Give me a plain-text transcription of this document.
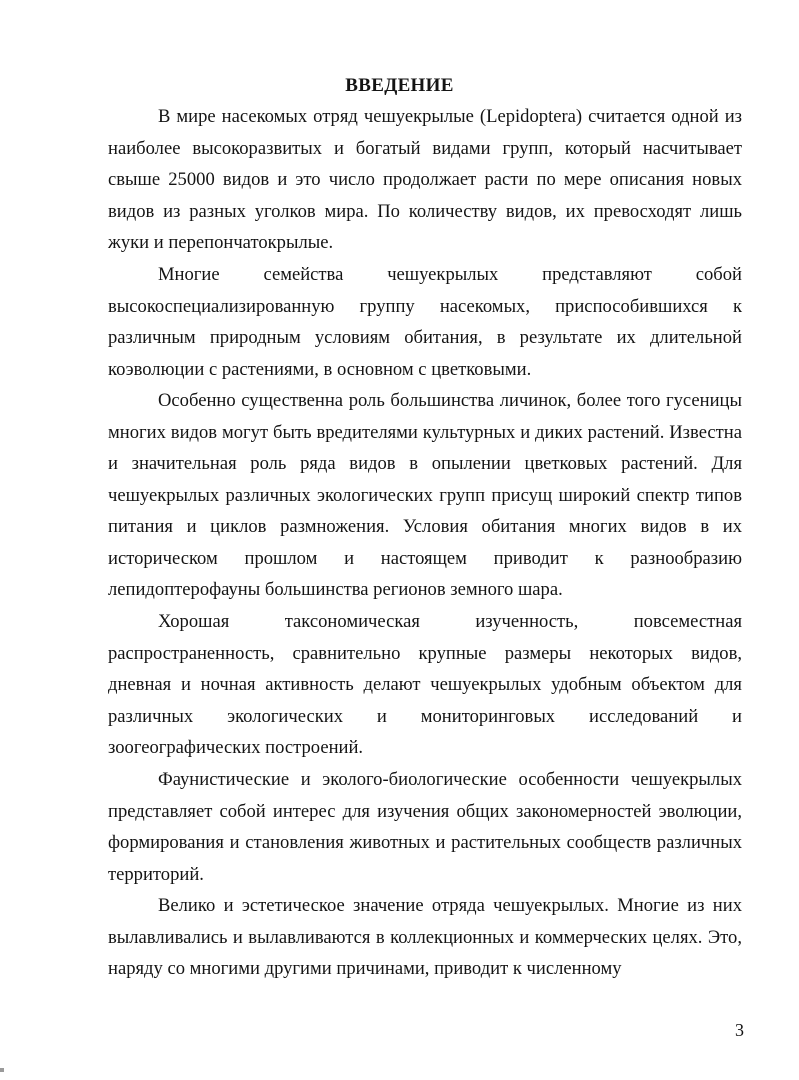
ВВЕДЕНИЕ

В мире насекомых отряд чешуекрылые (Lepidoptera) считается одной из наиболее высокоразвитых и богатый видами групп, который насчитывает свыше 25000 видов и это число продолжает расти по мере описания новых видов из разных уголков мира. По количеству видов, их превосходят лишь жуки и перепончатокрылые.

Многие семейства чешуекрылых представляют собой высокоспециализированную группу насекомых, приспособившихся к различным природным условиям обитания, в результате их длительной коэволюции с растениями, в основном с цветковыми.

Особенно существенна роль большинства личинок, более того гусеницы многих видов могут быть вредителями культурных и диких растений. Известна и значительная роль ряда видов в опылении цветковых растений. Для чешуекрылых различных экологических групп присущ широкий спектр типов питания и циклов размножения. Условия обитания многих видов в их историческом прошлом и настоящем приводит к разнообразию лепидоптерофауны большинства регионов земного шара.

Хорошая таксономическая изученность, повсеместная распространенность, сравнительно крупные размеры некоторых видов, дневная и ночная активность делают чешуекрылых удобным объектом для различных экологических и мониторинговых исследований и зоогеографических построений.

Фаунистические и эколого-биологические особенности чешуекрылых представляет собой интерес для изучения общих закономерностей эволюции, формирования и становления животных и растительных сообществ различных территорий.

Велико и эстетическое значение отряда чешуекрылых. Многие из них вылавливались и вылавливаются в коллекционных и коммерческих целях. Это, наряду со многими другими причинами, приводит к численному

3
